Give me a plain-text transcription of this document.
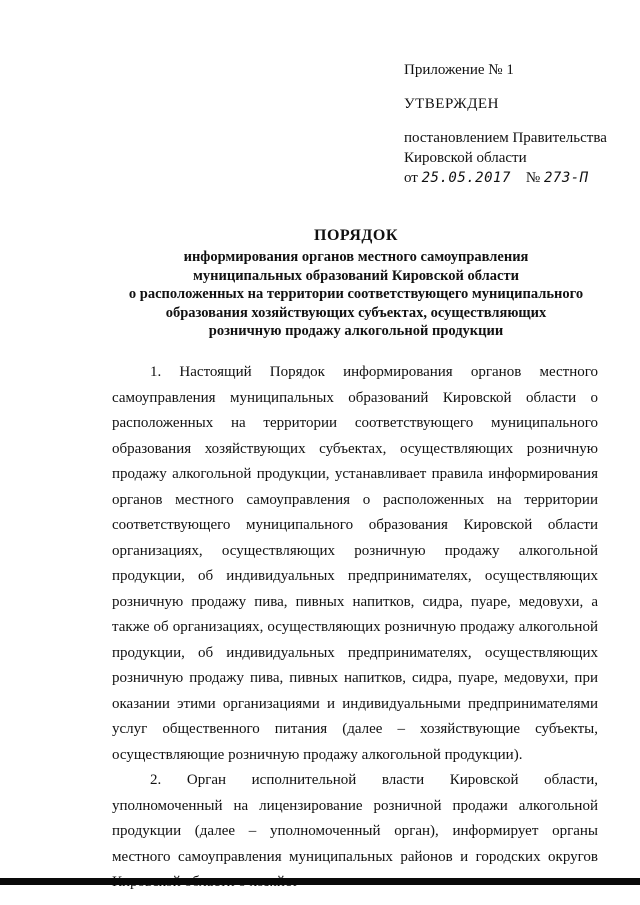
Приложение № 1

УТВЕРЖДЕН

постановлением Правительства

Кировской области

от 25.05.2017 № 273-П

ПОРЯДОК

информирования органов местного самоуправления

муниципальных образований Кировской области

о расположенных на территории соответствующего муниципального

образования хозяйствующих субъектах, осуществляющих

розничную продажу алкогольной продукции

1. Настоящий Порядок информирования органов местного самоуправления муниципальных образований Кировской области о расположенных на территории соответствующего муниципального образования хозяйствующих субъектах, осуществляющих розничную продажу алкогольной продукции, устанавливает правила информирования органов местного самоуправления о расположенных на территории соответствующего муниципального образования Кировской области организациях, осуществляющих розничную продажу алкогольной продукции, об индивидуальных предпринимателях, осуществляющих розничную продажу пива, пивных напитков, сидра, пуаре, медовухи, а также об организациях, осуществляющих розничную продажу алкогольной продукции, об индивидуальных предпринимателях, осуществляющих розничную продажу пива, пивных напитков, сидра, пуаре, медовухи, при оказании этими организациями и индивидуальными предпринимателями услуг общественного питания (далее – хозяйствующие субъекты, осуществляющие розничную продажу алкогольной продукции).

2. Орган исполнительной власти Кировской области, уполномоченный на лицензирование розничной продажи алкогольной продукции (далее – уполномоченный орган), информирует органы местного самоуправления муниципальных районов и городских округов
